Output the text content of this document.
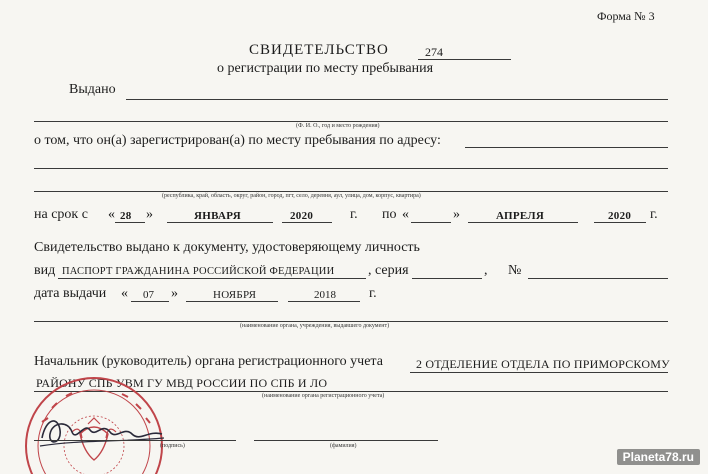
Форма № 3
СВИДЕТЕЛЬСТВО	274
о регистрации по месту пребывания
Выдано
(Ф. И. О., год и место рождения)
о том, что он(а) зарегистрирован(а) по месту пребывания по адресу:
(республика, край, область, округ, район, город, пгт, село, деревня, аул, улица, дом, корпус, квартира)
на срок с « 28 »	ЯНВАРЯ	2020	г. по «	»	АПРЕЛЯ	2020 г.
Свидетельство выдано к документу, удостоверяющему личность
вид ПАСПОРТ ГРАЖДАНИНА РОССИЙСКОЙ ФЕДЕРАЦИИ , серия	, №
дата выдачи « 07 »	НОЯБРЯ	2018 г.
(наименование органа, учреждения, выдавшего документ)
Начальник (руководитель) органа регистрационного учета	2 ОТДЕЛЕНИЕ ОТДЕЛА ПО ПРИМОРСКОМУ
РАЙОНУ СПБ УВМ ГУ МВД РОССИИ ПО СПБ И ЛО
(наименование органа регистрационного учета)
(подпись)	(фамилия)
Planeta78.ru
